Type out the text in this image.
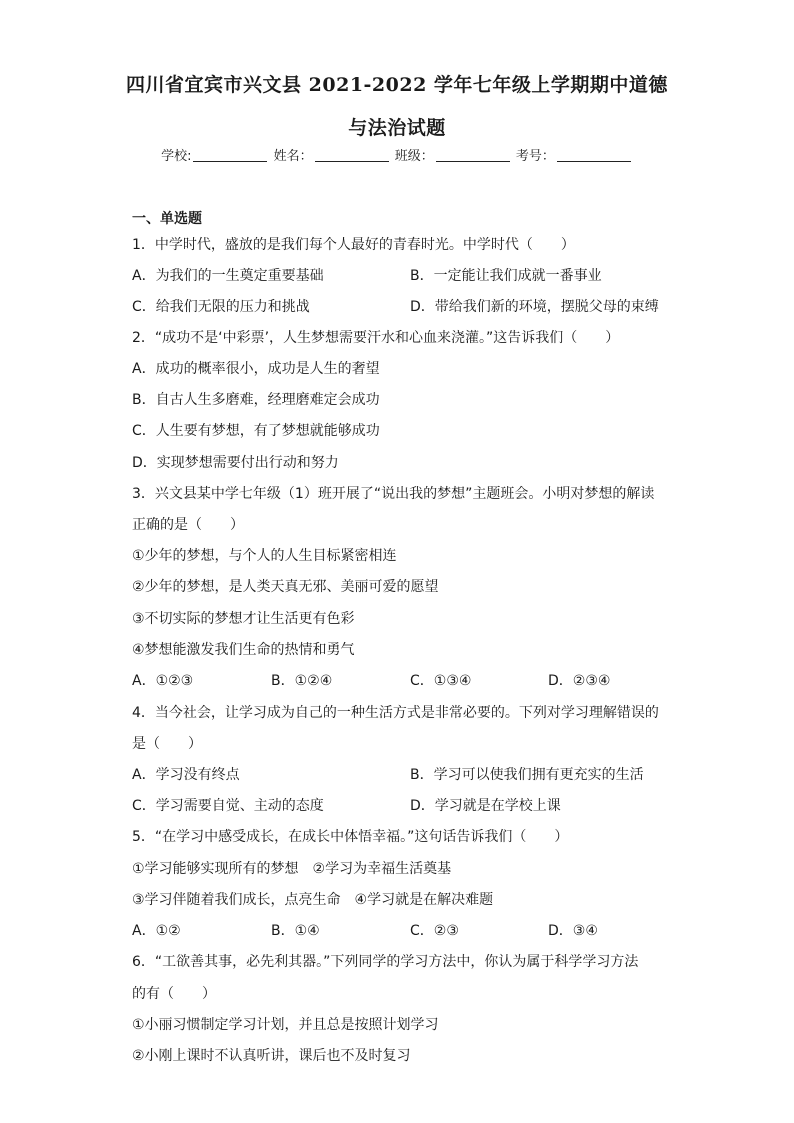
四川省宜宾市兴文县 2021-2022 学年七年级上学期期中道德
与法治试题
学校:	姓名：	班级：	考号：
一、单选题
1．中学时代，盛放的是我们每个人最好的青春时光。中学时代（　　）
A．为我们的一生奠定重要基础	B．一定能让我们成就一番事业
C．给我们无限的压力和挑战	D．带给我们新的环境，摆脱父母的束缚
2．“成功不是‘中彩票’，人生梦想需要汗水和心血来浇灌。”这告诉我们（　　）
A．成功的概率很小，成功是人生的奢望
B．自古人生多磨难，经理磨难定会成功
C．人生要有梦想，有了梦想就能够成功
D．实现梦想需要付出行动和努力
3．兴文县某中学七年级（1）班开展了“说出我的梦想”主题班会。小明对梦想的解读
正确的是（　　）
①少年的梦想，与个人的人生目标紧密相连
②少年的梦想，是人类天真无邪、美丽可爱的愿望
③不切实际的梦想才让生活更有色彩
④梦想能激发我们生命的热情和勇气
A．①②③	B．①②④	C．①③④	D．②③④
4．当今社会，让学习成为自己的一种生活方式是非常必要的。下列对学习理解错误的
是（　　）
A．学习没有终点	B．学习可以使我们拥有更充实的生活
C．学习需要自觉、主动的态度	D．学习就是在学校上课
5．“在学习中感受成长，在成长中体悟幸福。”这句话告诉我们（　　）
①学习能够实现所有的梦想　②学习为幸福生活奠基
③学习伴随着我们成长，点亮生命　④学习就是在解决难题
A．①②	B．①④	C．②③	D．③④
6．“工欲善其事，必先利其器。”下列同学的学习方法中，你认为属于科学学习方法
的有（　　）
①小丽习惯制定学习计划，并且总是按照计划学习
②小刚上课时不认真听讲，课后也不及时复习
